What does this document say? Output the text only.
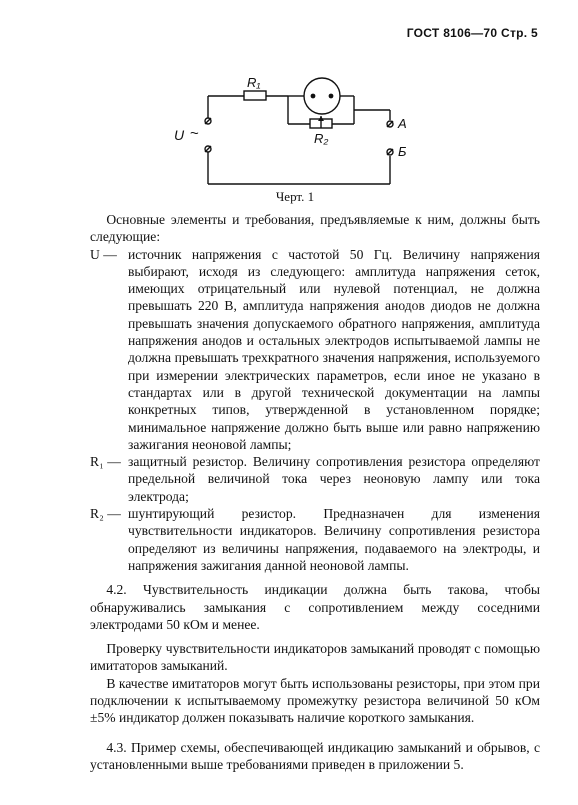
ГОСТ 8106—70 Стр. 5
R₁
R₂
U ~
А
Б
Черт. 1

Основные элементы и требования, предъявляемые к ним, должны быть следующие:

U — источник напряжения с частотой 50 Гц. Величину напряжения выбирают, исходя из следующего: амплитуда напряжения сеток, имеющих отрицательный или нулевой потенциал, не должна превышать 220 В, амплитуда напряжения анодов диодов не должна превышать значения допускаемого обратного напряжения, амплитуда напряжения анодов и остальных электродов испытываемой лампы не должна превышать трехкратного значения напряжения, используемого при измерении электрических параметров, если иное не указано в стандартах или в другой технической документации на лампы конкретных типов, утвержденной в установленном порядке; минимальное напряжение должно быть выше или равно напряжению зажигания неоновой лампы;
R₁ — защитный резистор. Величину сопротивления резистора определяют предельной величиной тока через неоновую лампу или тока электрода;
R₂ — шунтирующий резистор. Предназначен для изменения чувствительности индикаторов. Величину сопротивления резистора определяют из величины напряжения, подаваемого на электроды, и напряжения зажигания данной неоновой лампы.

4.2. Чувствительность индикации должна быть такова, чтобы обнаруживались замыкания с сопротивлением между соседними электродами 50 кОм и менее.

Проверку чувствительности индикаторов замыканий проводят с помощью имитаторов замыканий.

В качестве имитаторов могут быть использованы резисторы, при этом при подключении к испытываемому промежутку резистора величиной 50 кОм ±5% индикатор должен показывать наличие короткого замыкания.

4.3. Пример схемы, обеспечивающей индикацию замыканий и обрывов, с установленными выше требованиями приведен в приложении 5.
